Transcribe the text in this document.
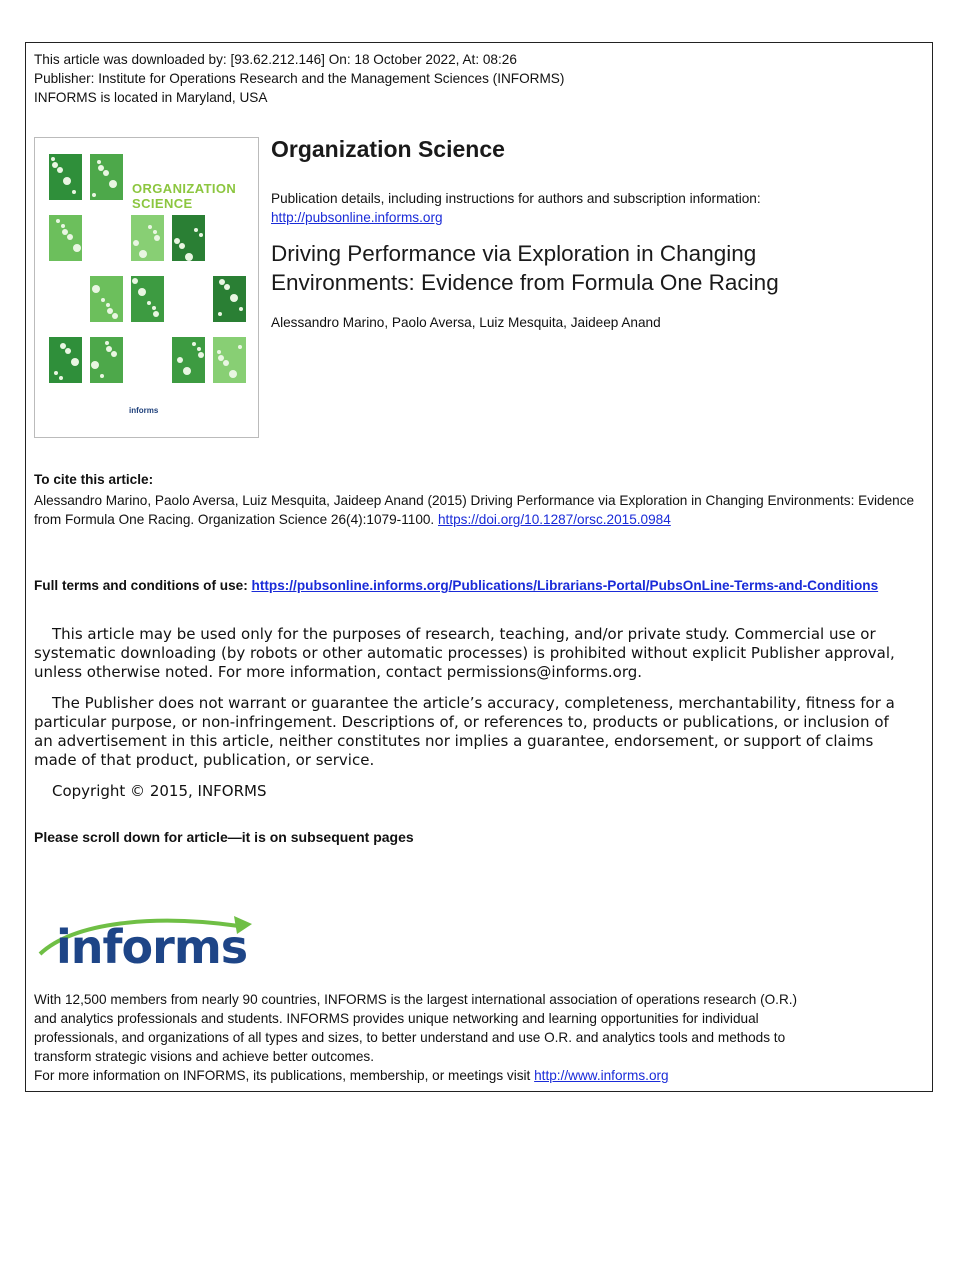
This article was downloaded by: [93.62.212.146] On: 18 October 2022, At: 08:26
Publisher: Institute for Operations Research and the Management Sciences (INFORMS)
INFORMS is located in Maryland, USA
ORGANIZATION
SCIENCE
informs
Organization Science
Publication details, including instructions for authors and subscription information:
http://pubsonline.informs.org
Driving Performance via Exploration in Changing
Environments: Evidence from Formula One Racing
Alessandro Marino, Paolo Aversa, Luiz Mesquita, Jaideep Anand
To cite this article:
Alessandro Marino, Paolo Aversa, Luiz Mesquita, Jaideep Anand (2015) Driving Performance via Exploration in Changing Environments: Evidence from Formula One Racing. Organization Science 26(4):1079-1100. https://doi.org/10.1287/orsc.2015.0984
Full terms and conditions of use: https://pubsonline.informs.org/Publications/Librarians-Portal/PubsOnLine-Terms-and-Conditions
This article may be used only for the purposes of research, teaching, and/or private study. Commercial use or systematic downloading (by robots or other automatic processes) is prohibited without explicit Publisher approval, unless otherwise noted. For more information, contact permissions@informs.org.
The Publisher does not warrant or guarantee the article’s accuracy, completeness, merchantability, fitness for a particular purpose, or non-infringement. Descriptions of, or references to, products or publications, or inclusion of an advertisement in this article, neither constitutes nor implies a guarantee, endorsement, or support of claims made of that product, publication, or service.
Copyright © 2015, INFORMS
Please scroll down for article—it is on subsequent pages
informs
With 12,500 members from nearly 90 countries, INFORMS is the largest international association of operations research (O.R.)
and analytics professionals and students. INFORMS provides unique networking and learning opportunities for individual
professionals, and organizations of all types and sizes, to better understand and use O.R. and analytics tools and methods to
transform strategic visions and achieve better outcomes.
For more information on INFORMS, its publications, membership, or meetings visit http://www.informs.org
